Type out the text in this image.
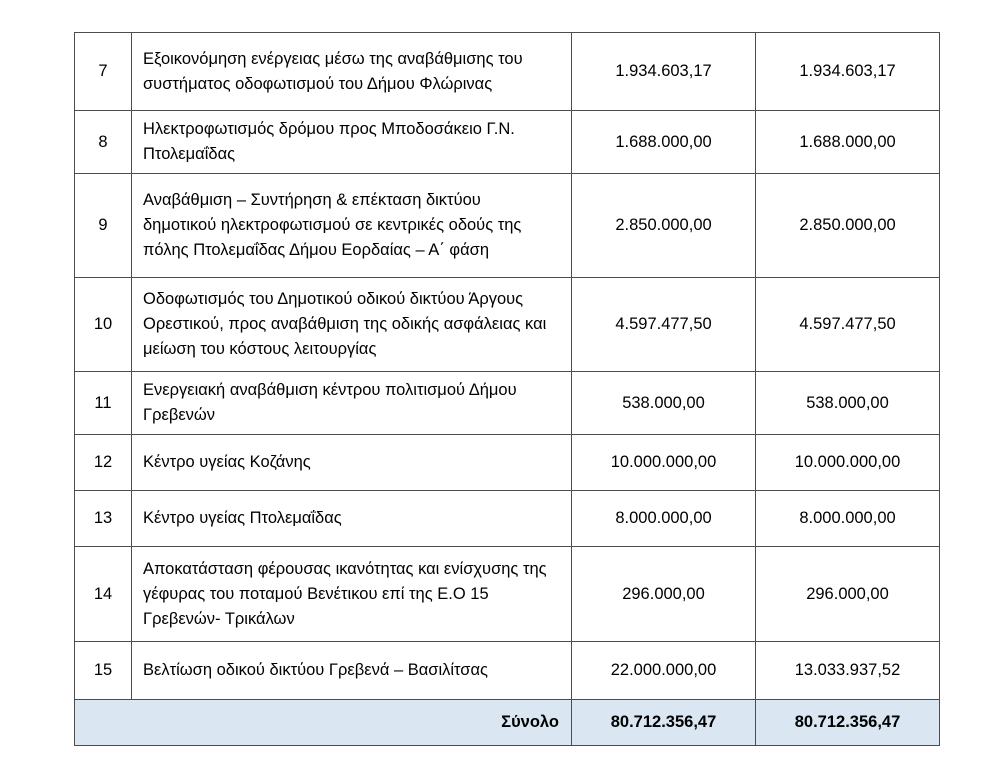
7	Εξοικονόμηση ενέργειας μέσω της αναβάθμισης του συστήματος οδοφωτισμού του Δήμου Φλώρινας	1.934.603,17	1.934.603,17
8	Ηλεκτροφωτισμός δρόμου προς Μποδοσάκειο Γ.Ν. Πτολεμαΐδας	1.688.000,00	1.688.000,00
9	Αναβάθμιση – Συντήρηση & επέκταση δικτύου δημοτικού ηλεκτροφωτισμού σε κεντρικές οδούς της πόλης Πτολεμαΐδας Δήμου Εορδαίας – Α΄ φάση	2.850.000,00	2.850.000,00
10	Οδοφωτισμός του Δημοτικού οδικού δικτύου Άργους Ορεστικού, προς αναβάθμιση της οδικής ασφάλειας και μείωση του κόστους λειτουργίας	4.597.477,50	4.597.477,50
11	Ενεργειακή αναβάθμιση κέντρου πολιτισμού Δήμου Γρεβενών	538.000,00	538.000,00
12	Κέντρο υγείας Κοζάνης	10.000.000,00	10.000.000,00
13	Κέντρο υγείας Πτολεμαΐδας	8.000.000,00	8.000.000,00
14	Αποκατάσταση φέρουσας ικανότητας και ενίσχυσης της γέφυρας του ποταμού Βενέτικου επί της Ε.Ο 15 Γρεβενών- Τρικάλων	296.000,00	296.000,00
15	Βελτίωση οδικού δικτύου Γρεβενά – Βασιλίτσας	22.000.000,00	13.033.937,52
	Σύνολο	80.712.356,47	80.712.356,47
